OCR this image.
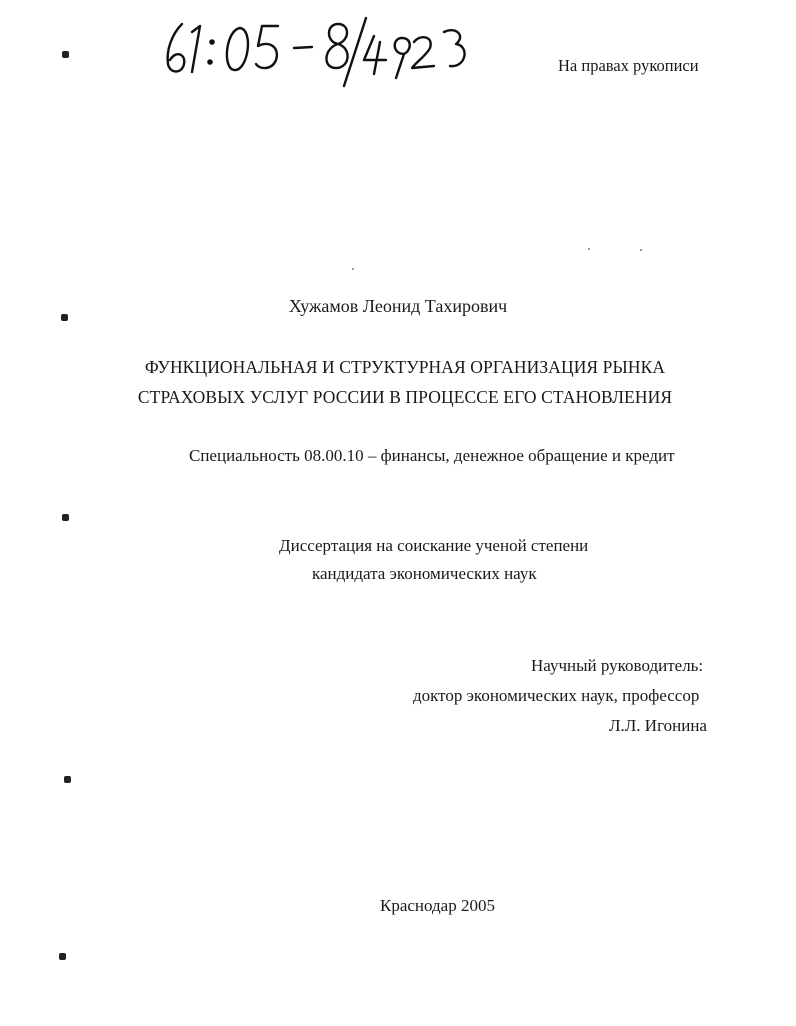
На правах рукописи
Хужамов Леонид Тахирович
ФУНКЦИОНАЛЬНАЯ И СТРУКТУРНАЯ ОРГАНИЗАЦИЯ РЫНКА
СТРАХОВЫХ УСЛУГ РОССИИ В ПРОЦЕССЕ ЕГО СТАНОВЛЕНИЯ
Специальность 08.00.10 – финансы, денежное обращение и кредит
Диссертация на соискание ученой степени
кандидата экономических наук
Научный руководитель:
доктор экономических наук, профессор
Л.Л. Игонина
Краснодар 2005
